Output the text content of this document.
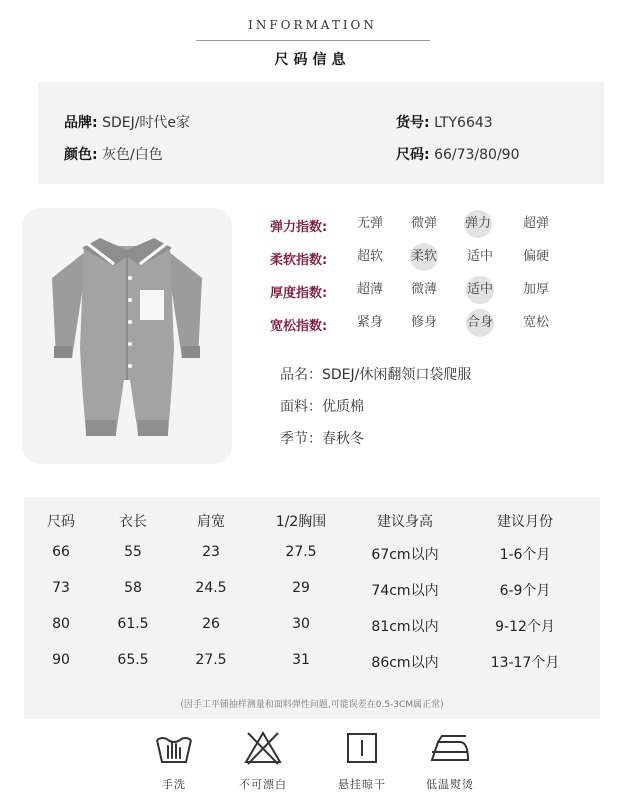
INFORMATION
尺码信息
品牌: SDEJ/时代e家	货号: LTY6643
颜色: 灰色/白色	尺码: 66/73/80/90
弹力指数: 无弹 微弹 弹力 超弹
柔软指数: 超软 柔软 适中 偏硬
厚度指数: 超薄 微薄 适中 加厚
宽松指数: 紧身 修身 合身 宽松
品名：SDEJ/休闲翻领口袋爬服
面料：优质棉
季节：春秋冬
尺码	衣长	肩宽	1/2胸围	建议身高	建议月份
66	55	23	27.5	67cm以内	1-6个月
73	58	24.5	29	74cm以内	6-9个月
80	61.5	26	30	81cm以内	9-12个月
90	65.5	27.5	31	86cm以内	13-17个月
(因手工平铺抽样测量和面料弹性问题,可能误差在0.5-3CM属正常)
手洗	不可漂白	悬挂晾干	低温熨烫
